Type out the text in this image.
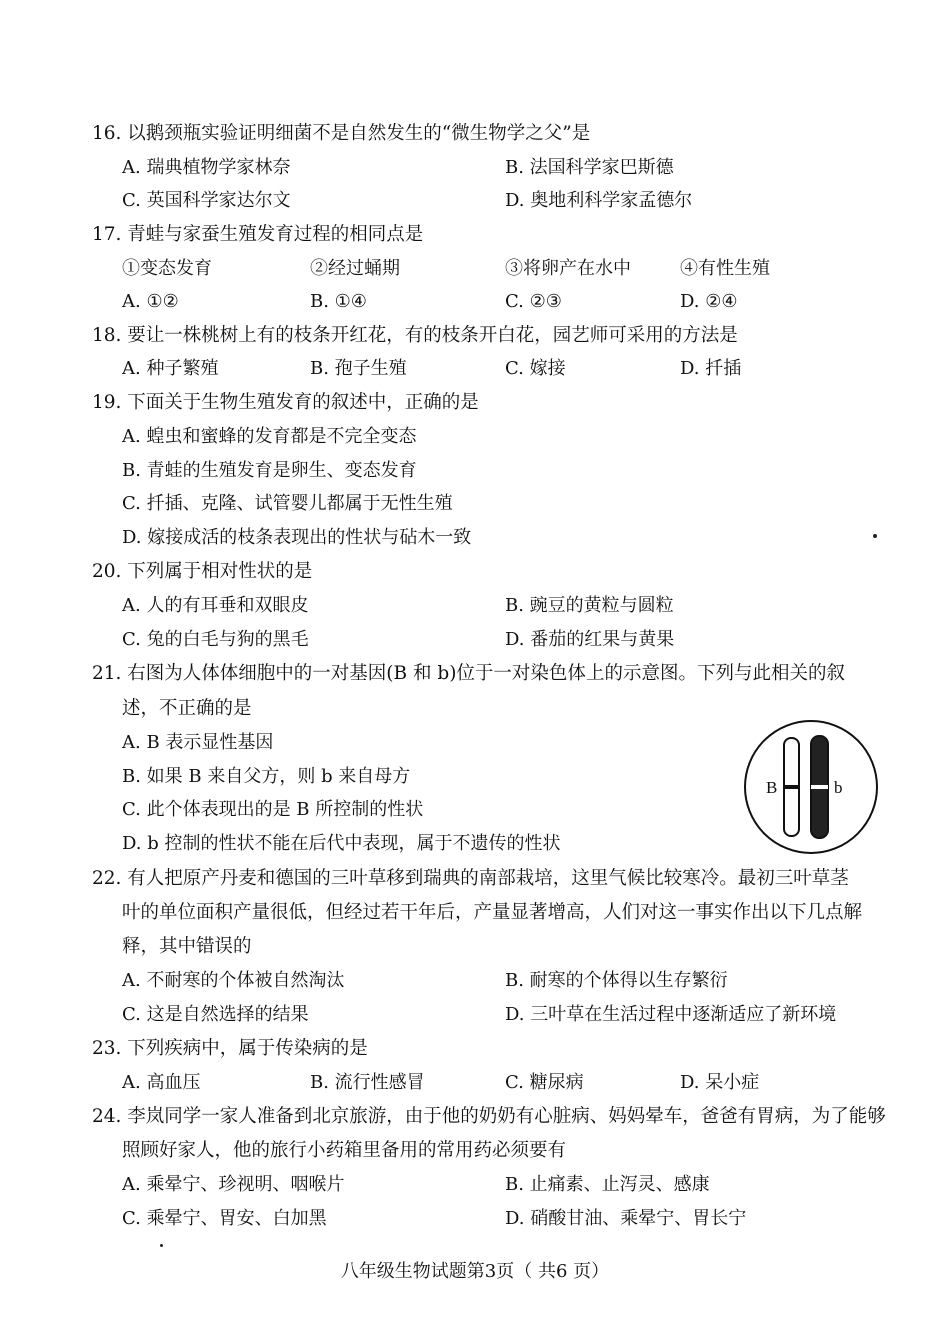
16. 以鹅颈瓶实验证明细菌不是自然发生的“微生物学之父”是
A. 瑞典植物学家林奈	B. 法国科学家巴斯德
C. 英国科学家达尔文	D. 奥地利科学家孟德尔
17. 青蛙与家蚕生殖发育过程的相同点是
①变态发育	②经过蛹期	③将卵产在水中	④有性生殖
A. ①②	B. ①④	C. ②③	D. ②④
18. 要让一株桃树上有的枝条开红花，有的枝条开白花，园艺师可采用的方法是
A. 种子繁殖	B. 孢子生殖	C. 嫁接	D. 扦插
19. 下面关于生物生殖发育的叙述中，正确的是
A. 蝗虫和蜜蜂的发育都是不完全变态
B. 青蛙的生殖发育是卵生、变态发育
C. 扦插、克隆、试管婴儿都属于无性生殖
D. 嫁接成活的枝条表现出的性状与砧木一致
20. 下列属于相对性状的是
A. 人的有耳垂和双眼皮	B. 豌豆的黄粒与圆粒
C. 兔的白毛与狗的黑毛	D. 番茄的红果与黄果
21. 右图为人体体细胞中的一对基因(B 和 b)位于一对染色体上的示意图。下列与此相关的叙
述，不正确的是
A. B 表示显性基因
B. 如果 B 来自父方，则 b 来自母方
C. 此个体表现出的是 B 所控制的性状
D. b 控制的性状不能在后代中表现，属于不遗传的性状
B	b
22. 有人把原产丹麦和德国的三叶草移到瑞典的南部栽培，这里气候比较寒冷。最初三叶草茎
叶的单位面积产量很低，但经过若干年后，产量显著增高，人们对这一事实作出以下几点解
释，其中错误的
A. 不耐寒的个体被自然淘汰	B. 耐寒的个体得以生存繁衍
C. 这是自然选择的结果	D. 三叶草在生活过程中逐渐适应了新环境
23. 下列疾病中，属于传染病的是
A. 高血压	B. 流行性感冒	C. 糖尿病	D. 呆小症
24. 李岚同学一家人准备到北京旅游，由于他的奶奶有心脏病、妈妈晕车，爸爸有胃病，为了能够
照顾好家人，他的旅行小药箱里备用的常用药必须要有
A. 乘晕宁、珍视明、咽喉片	B. 止痛素、止泻灵、感康
C. 乘晕宁、胃安、白加黑	D. 硝酸甘油、乘晕宁、胃长宁
八年级生物试题第3页（ 共6 页）
